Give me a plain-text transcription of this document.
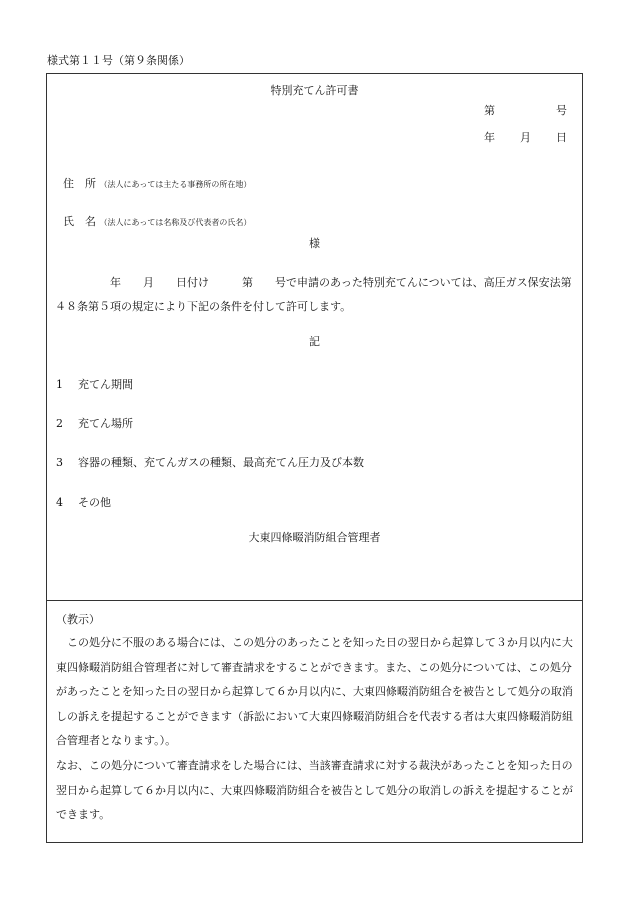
様式第１１号（第９条関係）
特別充てん許可書
第	号
年 月 日
住　所 （法人にあっては主たる事務所の所在地）
氏　名 （法人にあっては名称及び代表者の氏名）
様
　　　　　年　　月　　日付け　　　第　　号で申請のあった特別充てんについては、高圧ガス保安法第４８条第５項の規定により下記の条件を付して許可します。
記
1 充てん期間
2 充てん場所
3 容器の種類、充てんガスの種類、最高充てん圧力及び本数
4 その他
大東四條畷消防組合管理者
（教示）
この処分に不服のある場合には、この処分のあったことを知った日の翌日から起算して３か月以内に大東四條畷消防組合管理者に対して審査請求をすることができます。また、この処分については、この処分があったことを知った日の翌日から起算して６か月以内に、大東四條畷消防組合を被告として処分の取消しの訴えを提起することができます（訴訟において大東四條畷消防組合を代表する者は大東四條畷消防組合管理者となります。）。
なお、この処分について審査請求をした場合には、当該審査請求に対する裁決があったことを知った日の翌日から起算して６か月以内に、大東四條畷消防組合を被告として処分の取消しの訴えを提起することができます。
